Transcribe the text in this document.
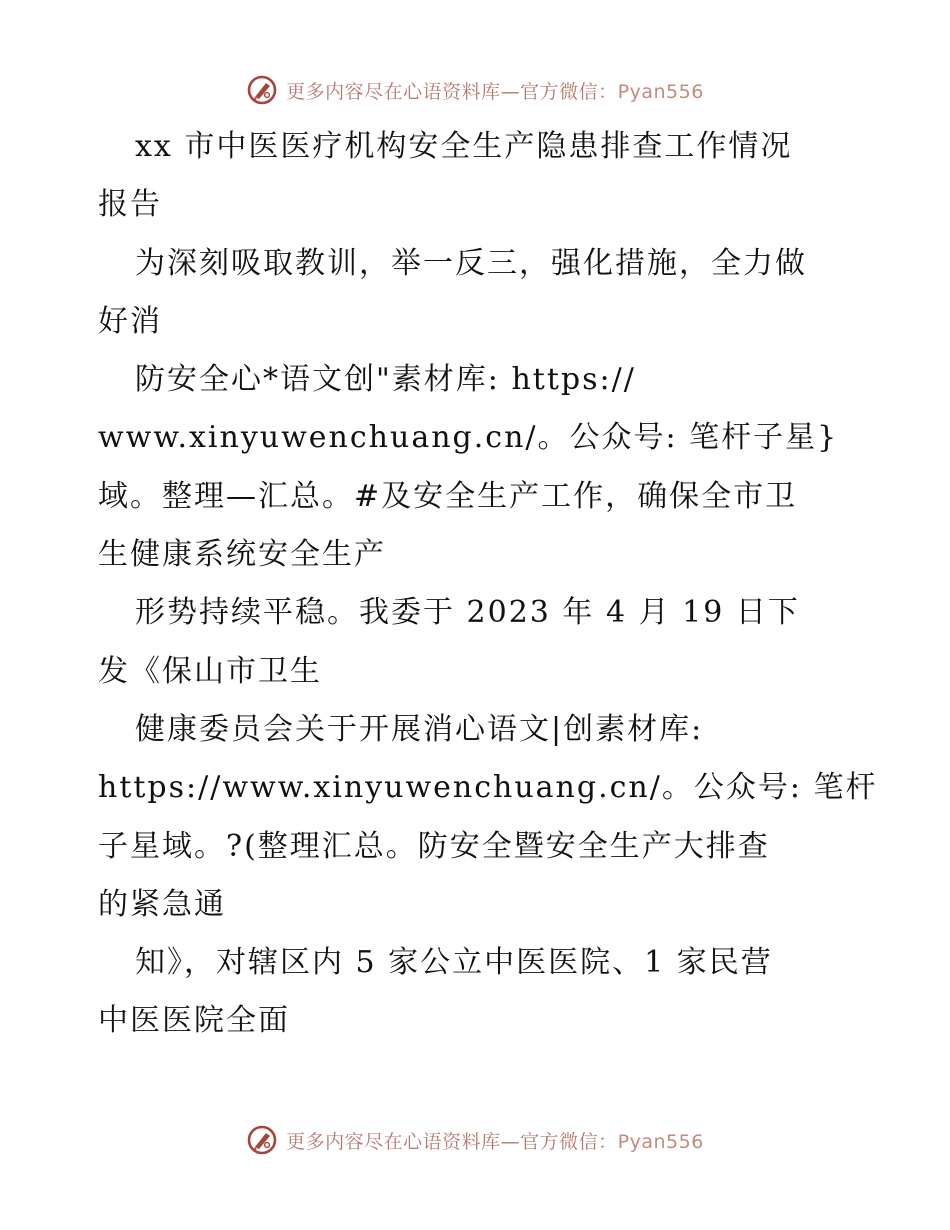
更多内容尽在心语资料库—官方微信：Pyan556
xx 市中医医疗机构安全生产隐患排查工作情况
报告
为深刻吸取教训，举一反三，强化措施，全力做
好消
防安全心*语文创"素材库: https://
www.xinyuwenchuang.cn/。公众号: 笔杆子星}
域。整理—汇总。#及安全生产工作，确保全市卫
生健康系统安全生产
形势持续平稳。我委于 2023 年 4 月 19 日下
发《保山市卫生
健康委员会关于开展消心语文|创素材库:
https://www.xinyuwenchuang.cn/。公众号: 笔杆
子星域。?(整理汇总。防安全暨安全生产大排查
的紧急通
知》，对辖区内 5 家公立中医医院、1 家民营
中医医院全面
更多内容尽在心语资料库—官方微信：Pyan556
